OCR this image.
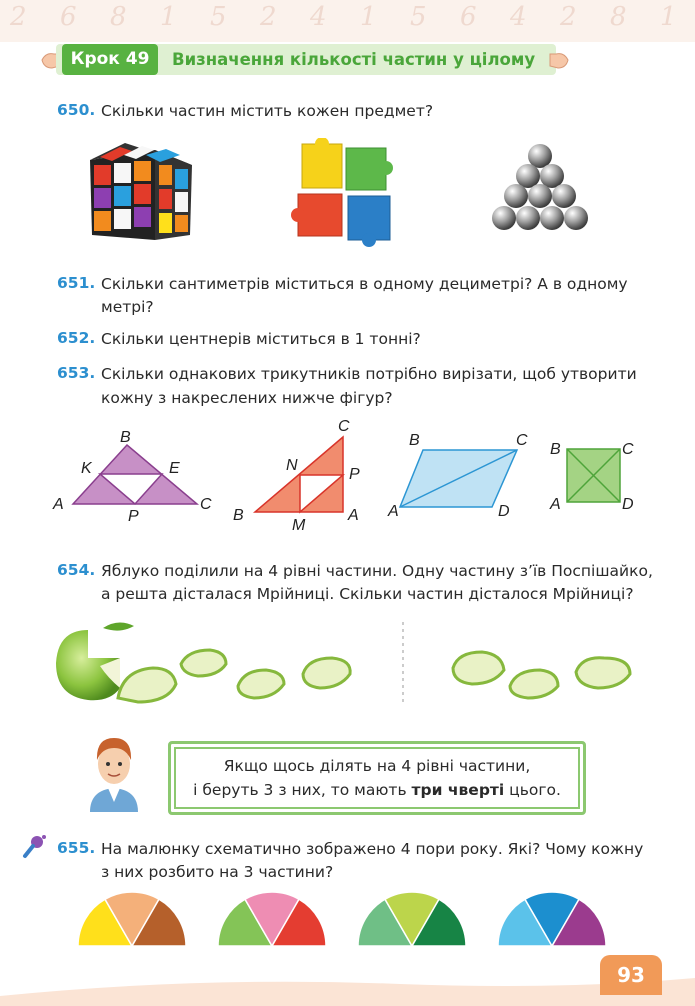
2 6 8 1 5 2 4 1 5 6 4 2 8 1
Крок 49	Визначення кількості частин у цілому
650. Скільки частин містить кожен предмет?
651. Скільки сантиметрів міститься в одному дециметрі? А в одному
метрі?
652. Скільки центнерів міститься в 1 тонні?
653. Скільки однакових трикутників потрібно вирізати, щоб утворити
кожну з накреслених нижче фігур?
B
K	E
A
P
C
C
N
P
B
M
A
B	C
A	D
B	C
A	D
654. Яблуко поділили на 4 рівні частини. Одну частину з’їв Поспішайко,
а решта дісталася Мрійниці. Скільки частин дісталося Мрійниці?

Якщо щось ділять на 4 рівні частини,

і беруть 3 з них, то мають три чверті цього.

655. На малюнку схематично зображено 4 пори року. Які? Чому кожну
з них розбито на 3 частини?
93
